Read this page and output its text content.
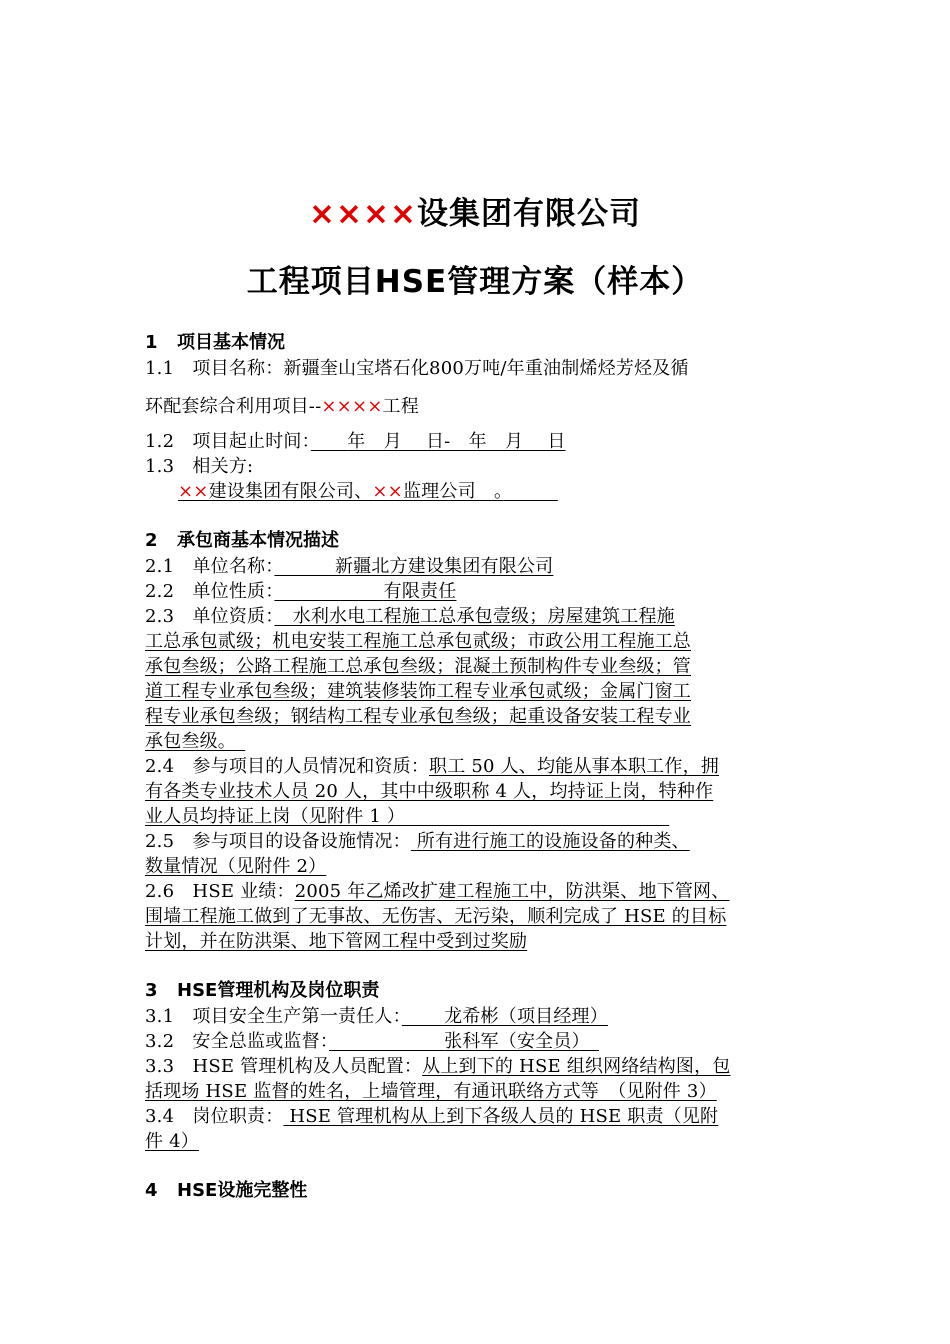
××××设集团有限公司
工程项目HSE管理方案（样本）
1 项目基本情况
1.1　项目名称：新疆奎山宝塔石化800万吨/年重油制烯烃芳烃及循
环配套综合利用项目--××××工程
1.2　项目起止时间：　　 年　月　 日-　年　月　 日
1.3　相关方:
××建设集团有限公司、××监理公司　。　　　
2 承包商基本情况描述
2.1　单位名称：　　　	新疆北方建设集团有限公司
2.2　单位性质：　　　　　　	有限责任
2.3　单位资质：　 水利水电工程施工总承包壹级；房屋建筑工程施
工总承包贰级；机电安装工程施工总承包贰级；市政公用工程施工总
承包叁级；公路工程施工总承包叁级；混凝土预制构件专业叁级；管
道工程专业承包叁级；建筑装修装饰工程专业承包贰级；金属门窗工
程专业承包叁级；钢结构工程专业承包叁级；起重设备安装工程专业
承包叁级。　
2.4　参与项目的人员情况和资质：职工 50 人、均能从事本职工作，拥
有各类专业技术人员 20 人，其中中级职称 4 人，均持证上岗，特种作
业人员均持证上岗（见附件 1 ）　　　　　　　　　　　　　　　
2.5　参与项目的设备设施情况： 所有进行施工的设施设备的种类、
数量情况（见附件 2）
2.6　HSE 业绩：2005 年乙烯改扩建工程施工中，防洪渠、地下管网、
围墙工程施工做到了无事故、无伤害、无污染，顺利完成了 HSE 的目标
计划，并在防洪渠、地下管网工程中受到过奖励
3 HSE管理机构及岗位职责
3.1　项目安全生产第一责任人：　　 龙希彬（项目经理）
3.2　安全总监或监督：　　　　　　	张科军（安全员）　
3.3　HSE 管理机构及人员配置：从上到下的 HSE 组织网络结构图，包
括现场 HSE 监督的姓名，上墙管理，有通讯联络方式等　（见附件 3）
3.4　岗位职责： HSE 管理机构从上到下各级人员的 HSE 职责（见附
件 4）
4 HSE设施完整性
